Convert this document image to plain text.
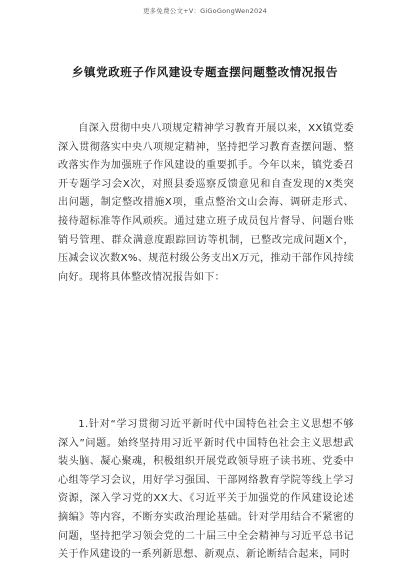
更多免费公文+V：GiGoGongWen2024
乡镇党政班子作风建设专题查摆问题整改情况报告

自深入贯彻中央八项规定精神学习教育开展以来，XX镇党委深入贯彻落实中央八项规定精神，坚持把学习教育查摆问题、整改落实作为加强班子作风建设的重要抓手。今年以来，镇党委召开专题学习会X次，对照县委巡察反馈意见和自查发现的X类突出问题，制定整改措施X项，重点整治文山会海、调研走形式、接待超标准等作风顽疾。通过建立班子成员包片督导、问题台账销号管理、群众满意度跟踪回访等机制，已整改完成问题X个，压减会议次数X%、规范村级公务支出X万元，推动干部作风持续向好。现将具体整改情况报告如下：

1.针对“学习贯彻习近平新时代中国特色社会主义思想不够深入”问题。始终坚持用习近平新时代中国特色社会主义思想武装头脑、凝心聚魂，积极组织开展党政领导班子读书班、党委中心组等学习会议，用好学习强国、干部网络教育学院等线上学习资源，深入学习党的XX大、《习近平关于加强党的作风建设论述摘编》等内容，不断夯实政治理论基础。针对学用结合不紧密的问题，坚持把学习领会党的二十届三中全会精神与习近平总书记关于作风建设的一系列新思想、新观点、新论断结合起来，同时
